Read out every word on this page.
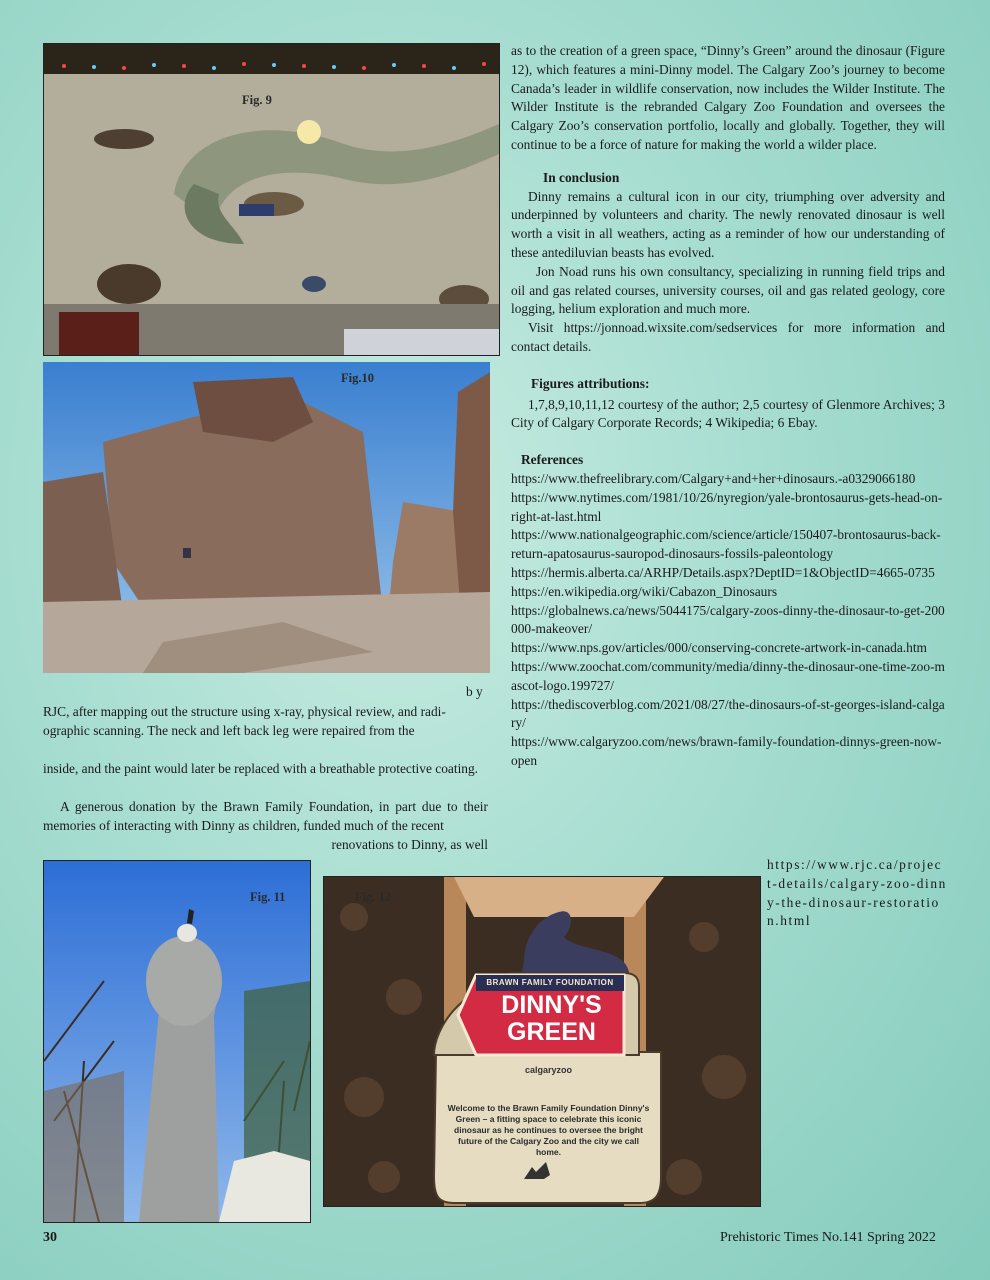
Fig. 9
Fig.10

as to the creation of a green space, “Dinny’s Green” around the dinosaur (Figure 12), which features a mini-Dinny model. The Calgary Zoo’s journey to become Canada’s leader in wildlife conservation, now includes the Wilder Institute. The Wilder Institute is the rebranded Calgary Zoo Foundation and oversees the Calgary Zoo’s conservation portfolio, locally and globally. Together, they will continue to be a force of nature for making the world a wilder place.

In conclusion

Dinny remains a cultural icon in our city, triumphing over adversity and underpinned by volunteers and charity. The newly renovated dinosaur is well worth a visit in all weathers, acting as a reminder of how our understanding of these antediluvian beasts has evolved.

Jon Noad runs his own consultancy, specializing in running field trips and oil and gas related courses, university courses, oil and gas related geology, core logging, helium exploration and much more.

Visit https://jonnoad.wixsite.com/sedservices for more information and contact details.

Figures attributions:

1,7,8,9,10,11,12 courtesy of the author; 2,5 courtesy of Glenmore Archives; 3 City of Calgary Corporate Records; 4 Wikipedia; 6 Ebay.

References

https://www.thefreelibrary.com/Calgary+and+her+dinosaurs.-a0329066180

https://www.nytimes.com/1981/10/26/nyregion/yale-brontosaurus-gets-head-on-right-at-last.html

https://www.nationalgeographic.com/science/article/150407-brontosaurus-back-return-apatosaurus-sauropod-dinosaurs-fossils-paleontology

https://hermis.alberta.ca/ARHP/Details.aspx?DeptID=1&ObjectID=4665-0735

https://en.wikipedia.org/wiki/Cabazon_Dinosaurs

https://globalnews.ca/news/5044175/calgary-zoos-dinny-the-dinosaur-to-get-200000-makeover/

https://www.nps.gov/articles/000/conserving-concrete-artwork-in-canada.htm

https://www.zoochat.com/community/media/dinny-the-dinosaur-one-time-zoo-mascot-logo.199727/

https://thediscoverblog.com/2021/08/27/the-dinosaurs-of-st-georges-island-calgary/

https://www.calgaryzoo.com/news/brawn-family-foundation-dinnys-green-now-open

https://www.rjc.ca/project-details/calgary-zoo-dinny-the-dinosaur-restoration.html
b y
RJC, after mapping out the structure using x-ray, physical review, and radi-
ographic scanning. The neck and left back leg were repaired from the
inside, and the paint would later be replaced with a breathable protective coating.
A generous donation by the Brawn Family Foundation, in part due to their memories of interacting with Dinny as children, funded much of the recent
renovations to Dinny, as well
Fig. 11
BRAWN FAMILY FOUNDATION
DINNY'S
GREEN
calgaryzoo
Welcome to the Brawn Family Foundation Dinny's Green – a fitting space to celebrate this iconic dinosaur as he continues to oversee the bright future of the Calgary Zoo and the city we call home.
Fig. 12
30	Prehistoric Times No.141 Spring 2022
